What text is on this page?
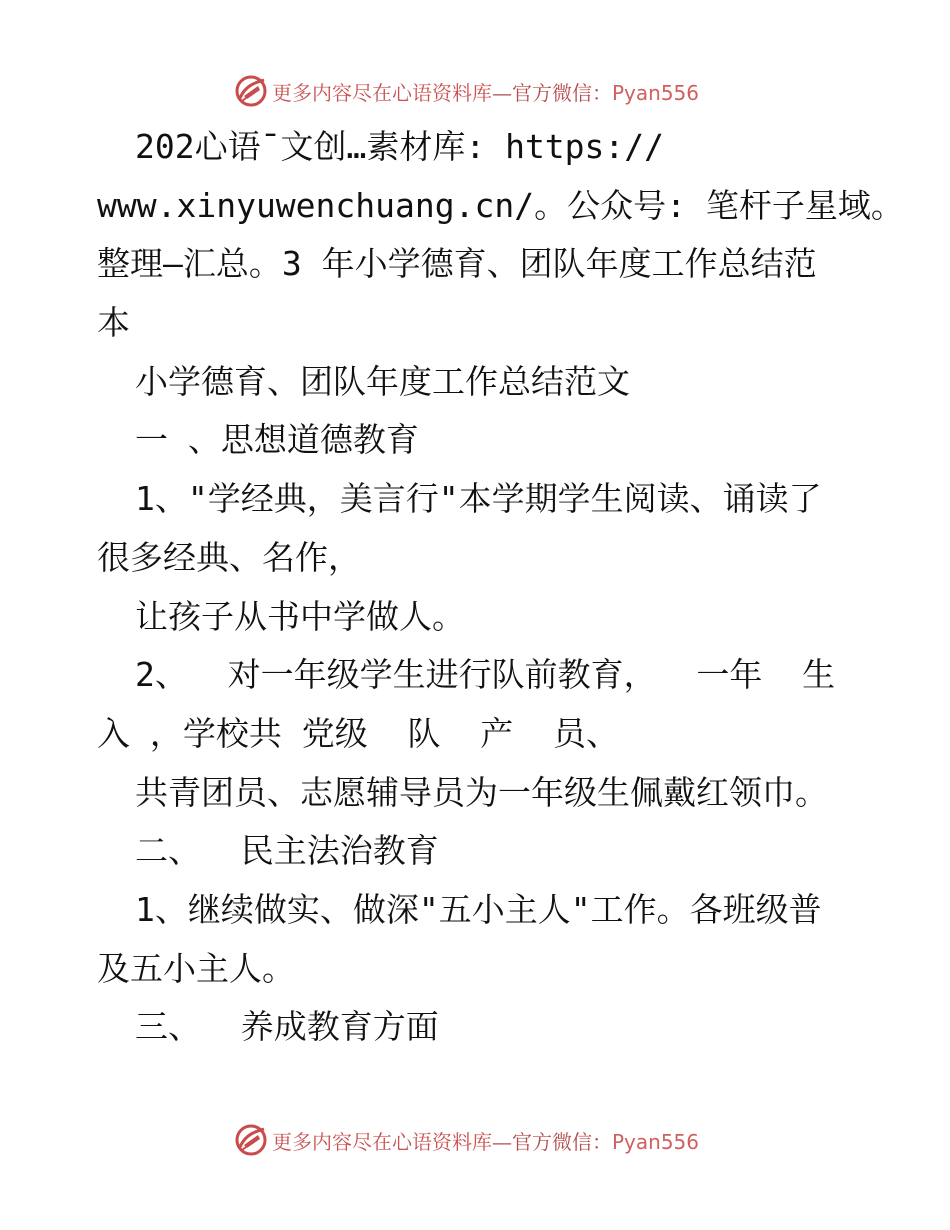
更多内容尽在心语资料库—官方微信：Pyan556
202心语¯文创…素材库: https://
www.xinyuwenchuang.cn/。公众号: 笔杆子星域。
整理—汇总。3 年小学德育、团队年度工作总结范
本
小学德育、团队年度工作总结范文
一 、思想道德教育
1、"学经典，美言行"本学期学生阅读、诵读了
很多经典、名作，
让孩子从书中学做人。
2、  对一年级学生进行队前教育，  一年  生
入 ，学校共 党级  队  产  员、
共青团员、志愿辅导员为一年级生佩戴红领巾。
二、  民主法治教育
1、继续做实、做深"五小主人"工作。各班级普
及五小主人。
三、  养成教育方面
更多内容尽在心语资料库—官方微信：Pyan556
